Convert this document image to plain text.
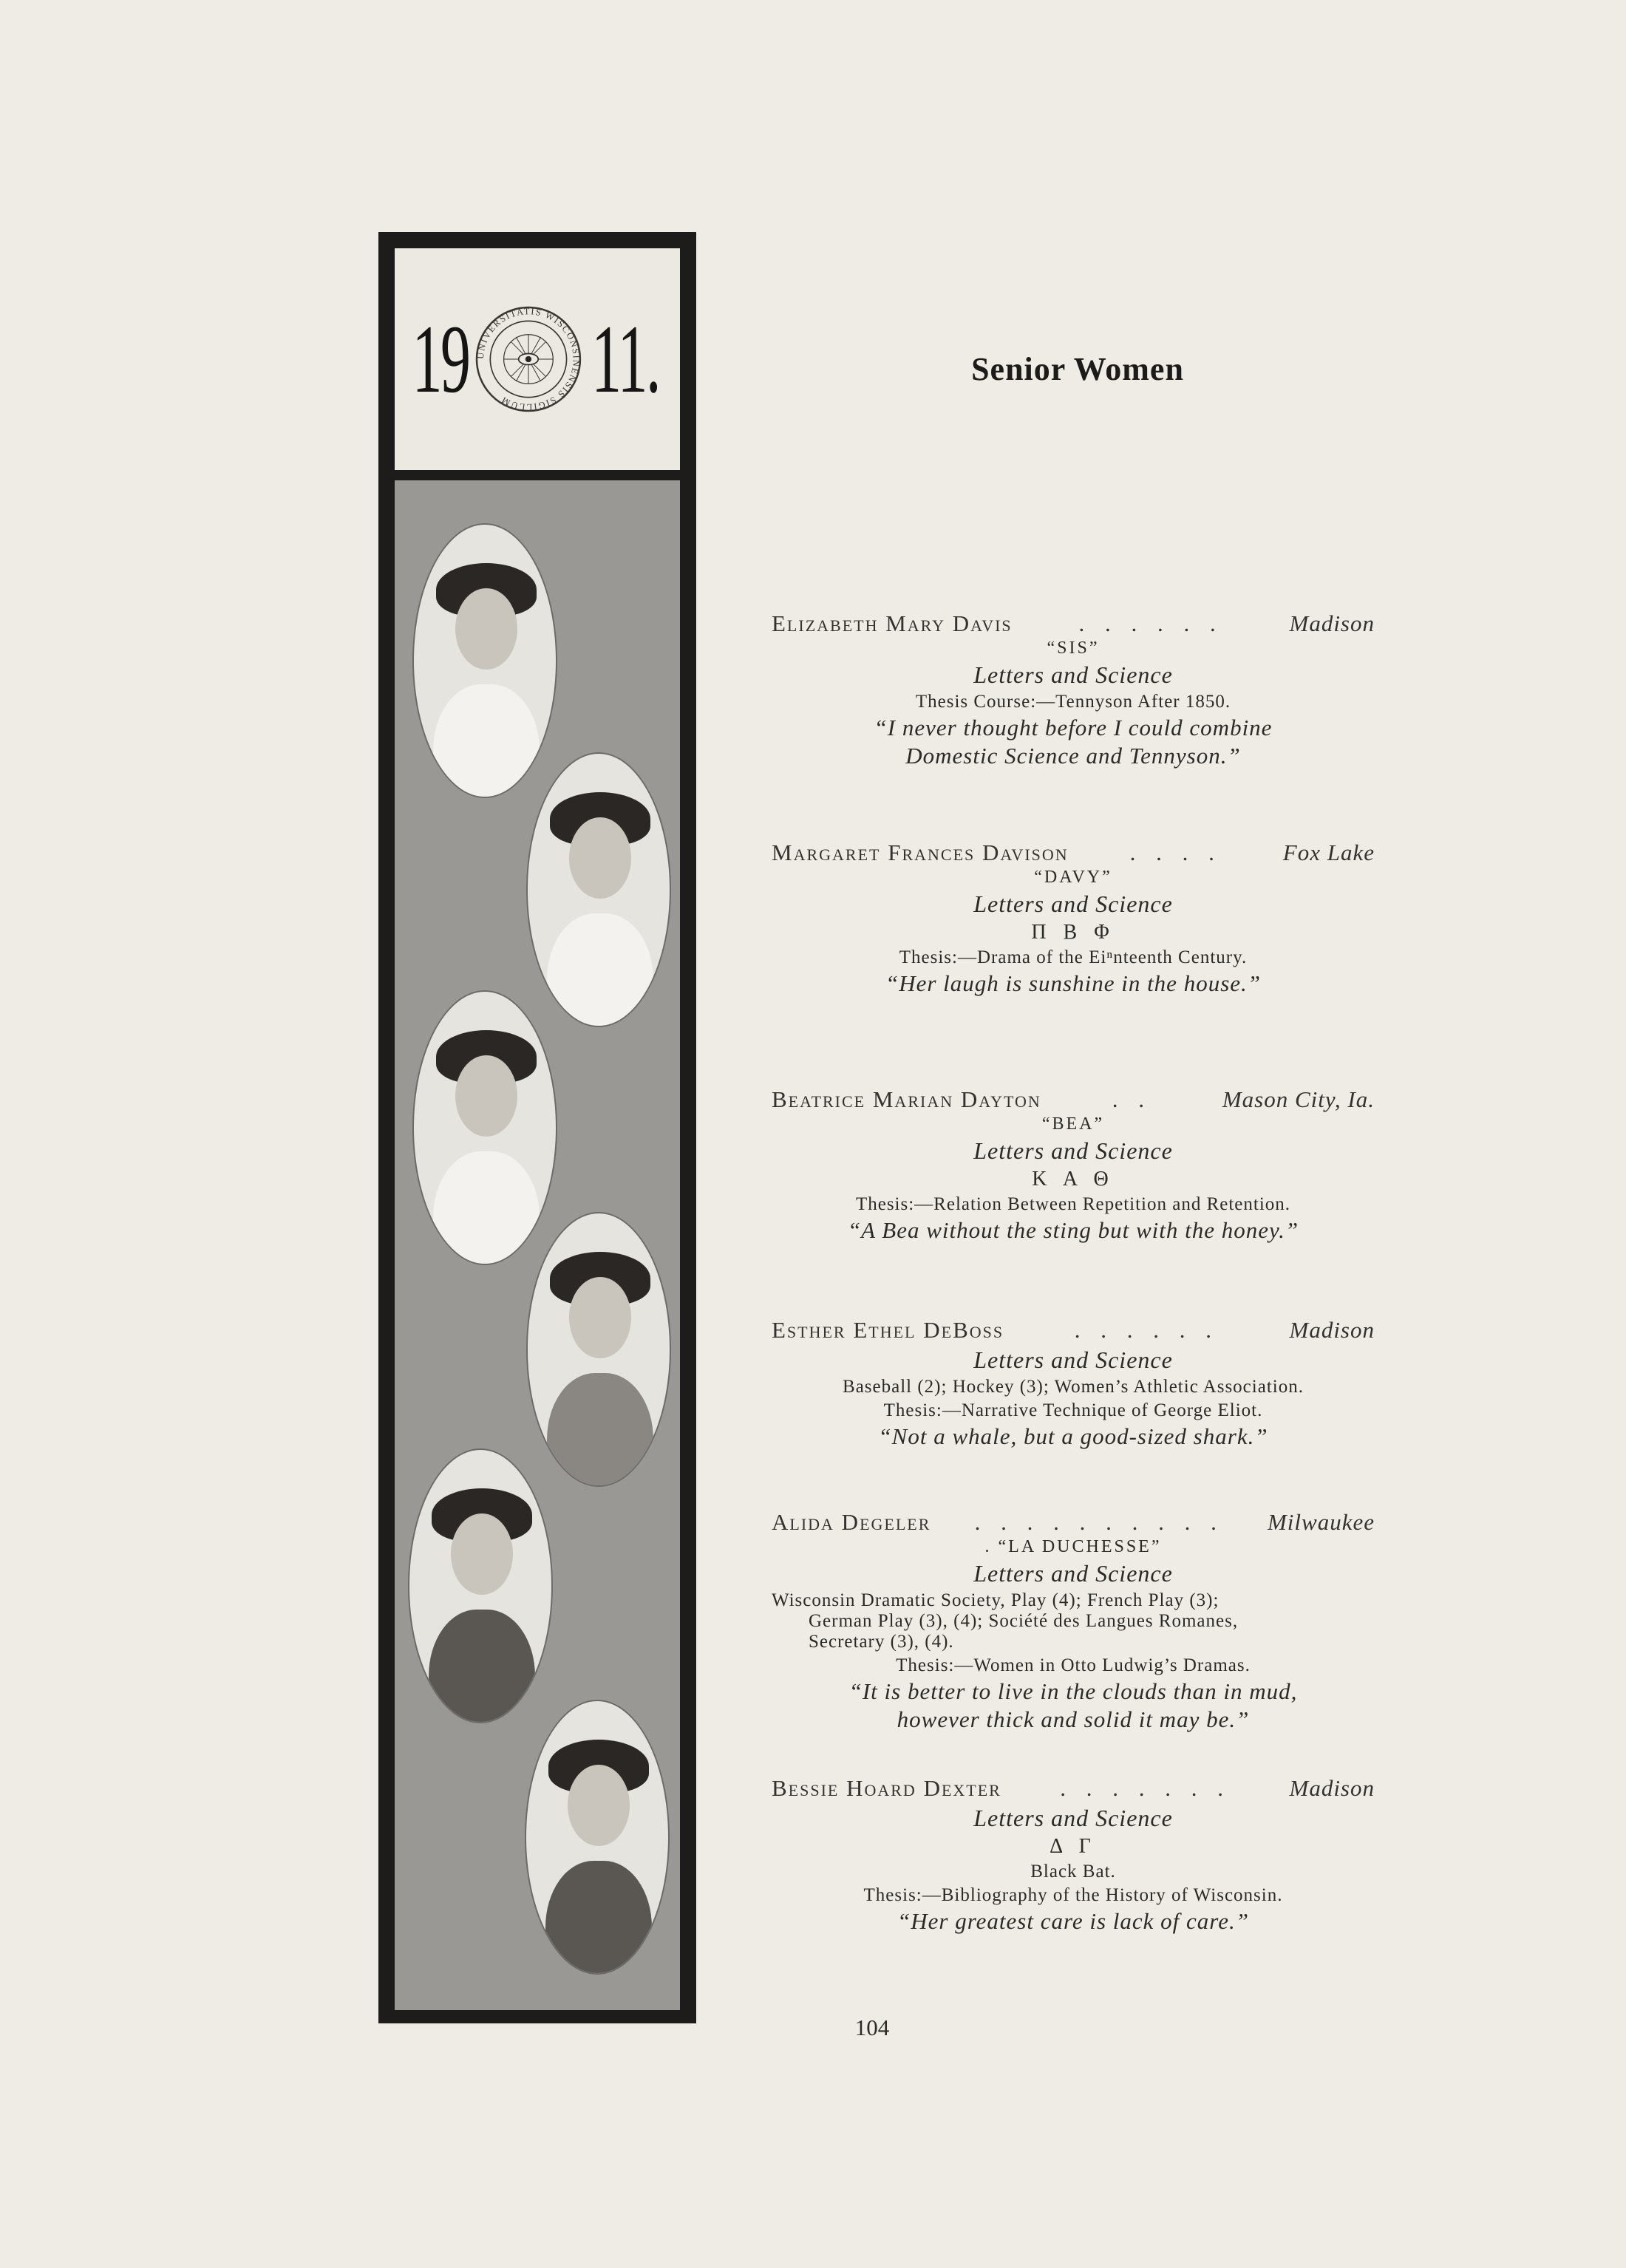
19 UNIVERSITATIS WISCONSINENSIS SIGILLUM 11.	Senior Women
Elizabeth Mary Davis	. . . . . .	Madison
“SIS”
Letters and Science
Thesis Course:—Tennyson After 1850.
“I never thought before I could combine
Domestic Science and Tennyson.”
Margaret Frances Davison	. . . .	Fox Lake
“DAVY”
Letters and Science
Π Β Φ
Thesis:—Drama of the Eiⁿnteenth Century.
“Her laugh is sunshine in the house.”
Beatrice Marian Dayton	. .	Mason City, Ia.
“BEA”
Letters and Science
Κ Α Θ
Thesis:—Relation Between Repetition and Retention.
“A Bea without the sting but with the honey.”
Esther Ethel DeBoss	. . . . . .	Madison
Letters and Science
Baseball (2); Hockey (3); Women’s Athletic Association.
Thesis:—Narrative Technique of George Eliot.
“Not a whale, but a good-sized shark.”
Alida Degeler	. . . . . . . . . .	Milwaukee
. “LA DUCHESSE”
Letters and Science
Wisconsin Dramatic Society, Play (4); French Play (3);
German Play (3), (4); Société des Langues Romanes,
Secretary (3), (4).
Thesis:—Women in Otto Ludwig’s Dramas.
“It is better to live in the clouds than in mud,
however thick and solid it may be.”
Bessie Hoard Dexter	. . . . . . .	Madison
Letters and Science
Δ Γ
Black Bat.
Thesis:—Bibliography of the History of Wisconsin.
“Her greatest care is lack of care.”
104
